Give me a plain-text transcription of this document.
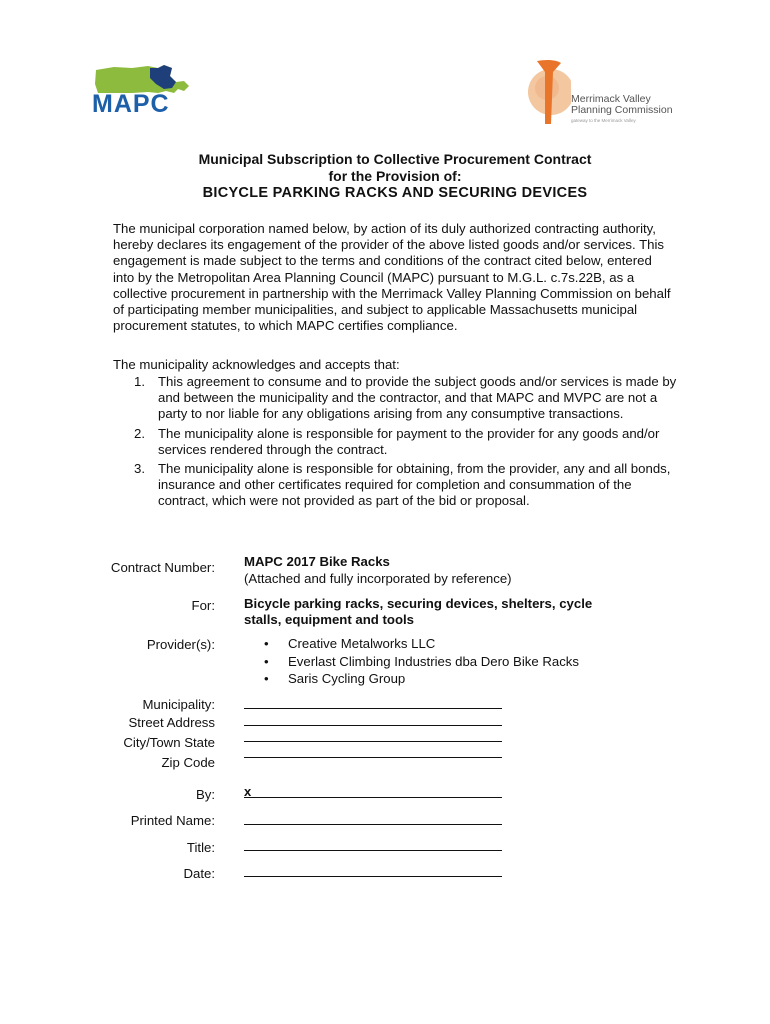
MAPC	Merrimack Valley
Planning Commission
gateway to the Merrimack Valley
Municipal Subscription to Collective Procurement Contract
for the Provision of:
BICYCLE PARKING RACKS AND SECURING DEVICES
The municipal corporation named below, by action of its duly authorized contracting authority, hereby declares its engagement of the provider of the above listed goods and/or services. This engagement is made subject to the terms and conditions of the contract cited below, entered into by the Metropolitan Area Planning Council (MAPC) pursuant to M.G.L. c.7s.22B, as a collective procurement in partnership with the Merrimack Valley Planning Commission on behalf of participating member municipalities, and subject to applicable Massachusetts municipal procurement statutes, to which MAPC certifies compliance.
The municipality acknowledges and accepts that:
1. This agreement to consume and to provide the subject goods and/or services is made by and between the municipality and the contractor, and that MAPC and MVPC are not a party to nor liable for any obligations arising from any consumptive transactions.
2. The municipality alone is responsible for payment to the provider for any goods and/or services rendered through the contract.
3. The municipality alone is responsible for obtaining, from the provider, any and all bonds, insurance and other certificates required for completion and consummation of the contract, which were not provided as part of the bid or proposal.
Contract Number: MAPC 2017 Bike Racks
(Attached and fully incorporated by reference)
For: Bicycle parking racks, securing devices, shelters, cycle stalls, equipment and tools
Provider(s):	• Creative Metalworks LLC
• Everlast Climbing Industries dba Dero Bike Racks
• Saris Cycling Group
Municipality:
Street Address
City/Town State
Zip Code
By: x
Printed Name:
Title:
Date:
